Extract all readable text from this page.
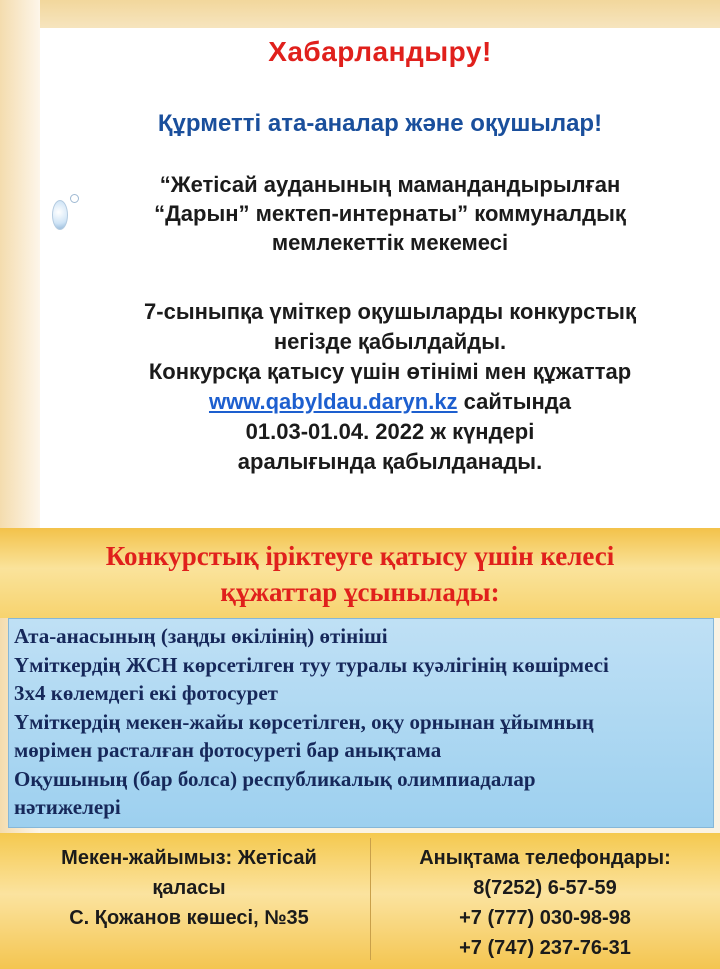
Хабарландыру!
Құрметті ата-аналар және оқушылар!
“Жетісай ауданының мамандандырылған
“Дарын” мектеп-интернаты” коммуналдық
мемлекеттік мекемесі
7-сыныпқа үміткер оқушыларды конкурстық
негізде қабылдайды.
Конкурсқа қатысу үшін өтінімі мен құжаттар
www.qabyldau.daryn.kz сайтында
01.03-01.04. 2022 ж күндері
аралығында қабылданады.
Конкурстық іріктеуге қатысу үшін келесі
құжаттар ұсынылады:
Ата-анасының (заңды өкілінің) өтініші
Үміткердің ЖСН көрсетілген туу туралы куәлігінің көшірмесі
3х4 көлемдегі екі фотосурет
Үміткердің мекен-жайы көрсетілген, оқу орнынан ұйымның
мөрімен расталған фотосуреті бар анықтама
Оқушының (бар болса) республикалық олимпиадалар
нәтижелері
Мекен-жайымыз: Жетісай
қаласы
С. Қожанов көшесі, №35
Анықтама телефондары:
8(7252) 6-57-59
+7 (777) 030-98-98
+7 (747) 237-76-31
